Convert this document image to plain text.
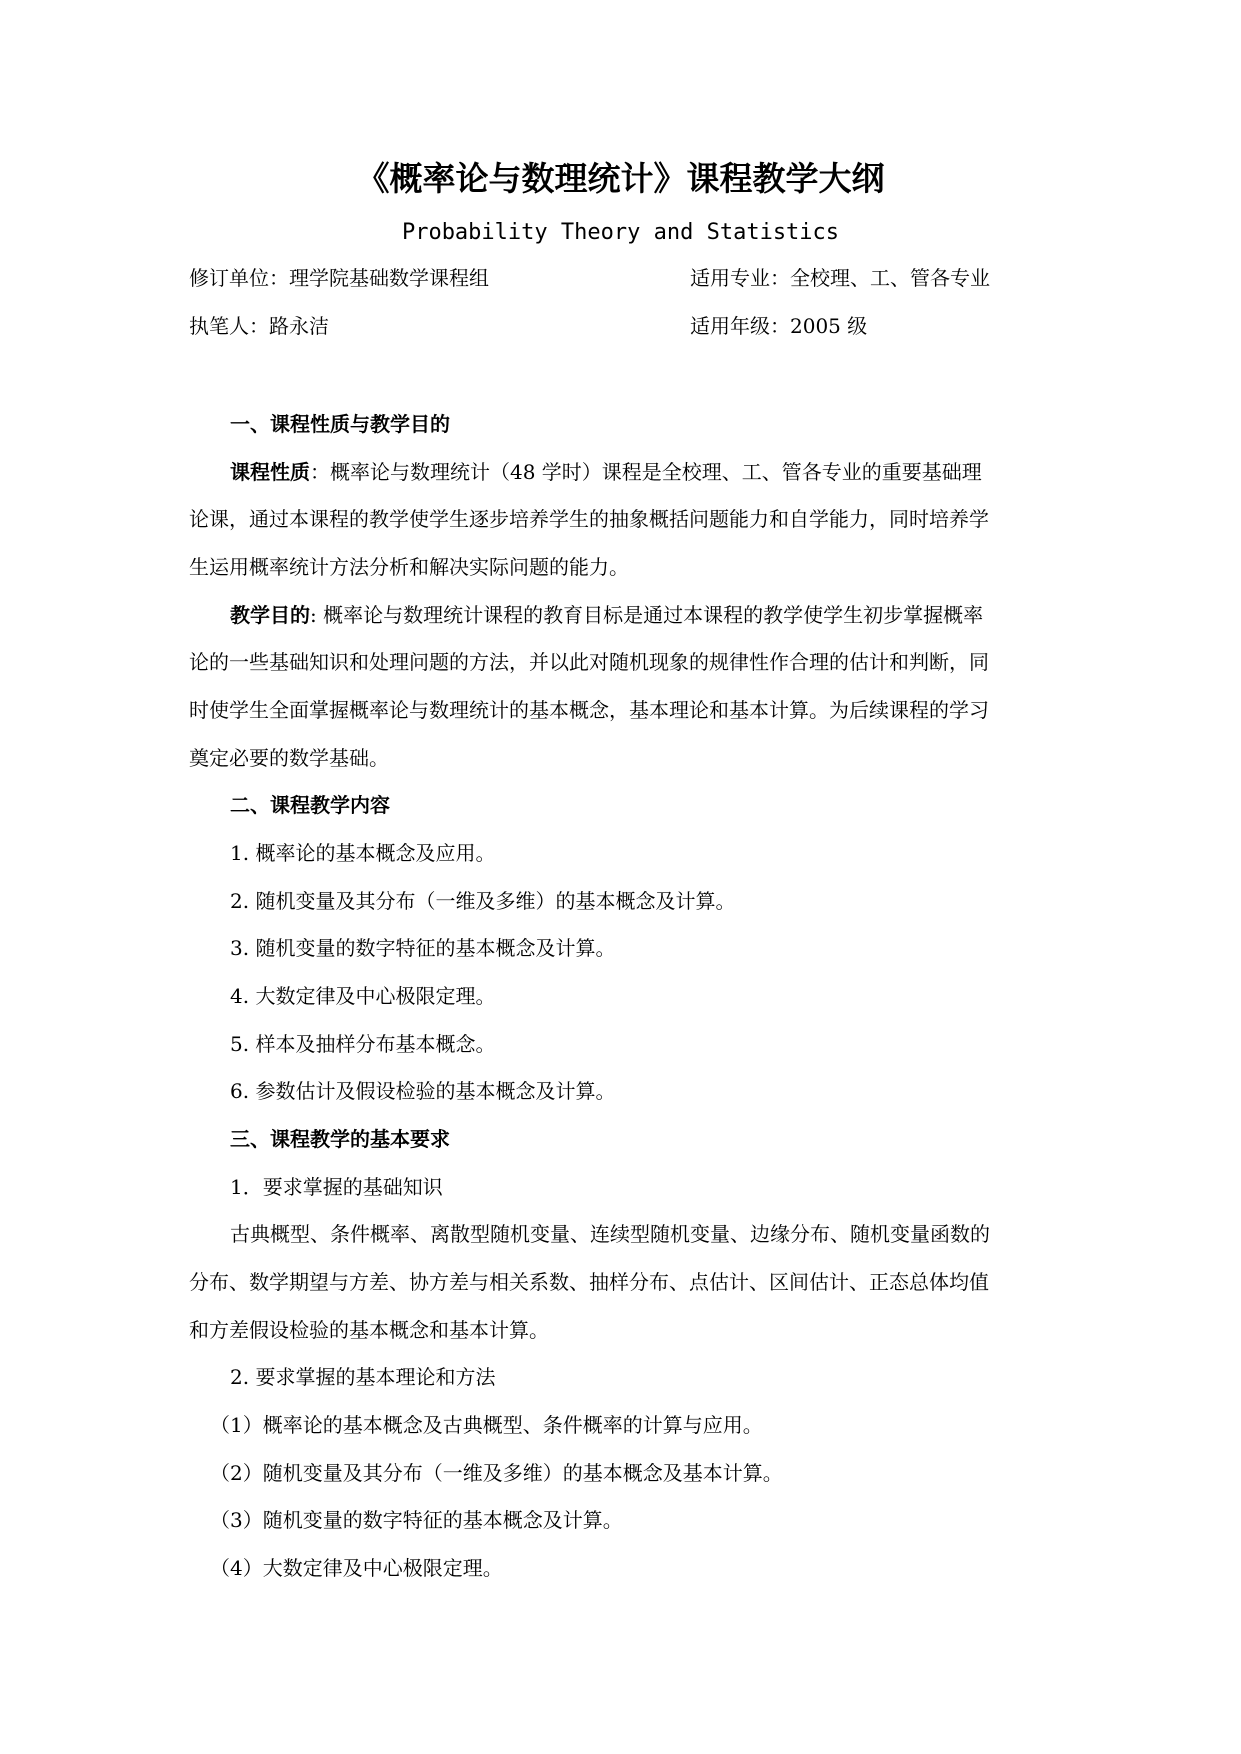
《概率论与数理统计》课程教学大纲
Probability Theory and Statistics
修订单位：理学院基础数学课程组	适用专业：全校理、工、管各专业
执笔人：路永洁	适用年级：2005 级
一、课程性质与教学目的
课程性质：概率论与数理统计（48 学时）课程是全校理、工、管各专业的重要基础理
论课，通过本课程的教学使学生逐步培养学生的抽象概括问题能力和自学能力，同时培养学
生运用概率统计方法分析和解决实际问题的能力。
教学目的: 概率论与数理统计课程的教育目标是通过本课程的教学使学生初步掌握概率
论的一些基础知识和处理问题的方法，并以此对随机现象的规律性作合理的估计和判断，同
时使学生全面掌握概率论与数理统计的基本概念，基本理论和基本计算。为后续课程的学习
奠定必要的数学基础。
二、课程教学内容
1. 概率论的基本概念及应用。
2. 随机变量及其分布（一维及多维）的基本概念及计算。
3. 随机变量的数字特征的基本概念及计算。
4. 大数定律及中心极限定理。
5. 样本及抽样分布基本概念。
6. 参数估计及假设检验的基本概念及计算。
三、课程教学的基本要求
1．要求掌握的基础知识
古典概型、条件概率、离散型随机变量、连续型随机变量、边缘分布、随机变量函数的
分布、数学期望与方差、协方差与相关系数、抽样分布、点估计、区间估计、正态总体均值
和方差假设检验的基本概念和基本计算。
2. 要求掌握的基本理论和方法
（1）概率论的基本概念及古典概型、条件概率的计算与应用。
（2）随机变量及其分布（一维及多维）的基本概念及基本计算。
（3）随机变量的数字特征的基本概念及计算。
（4）大数定律及中心极限定理。
